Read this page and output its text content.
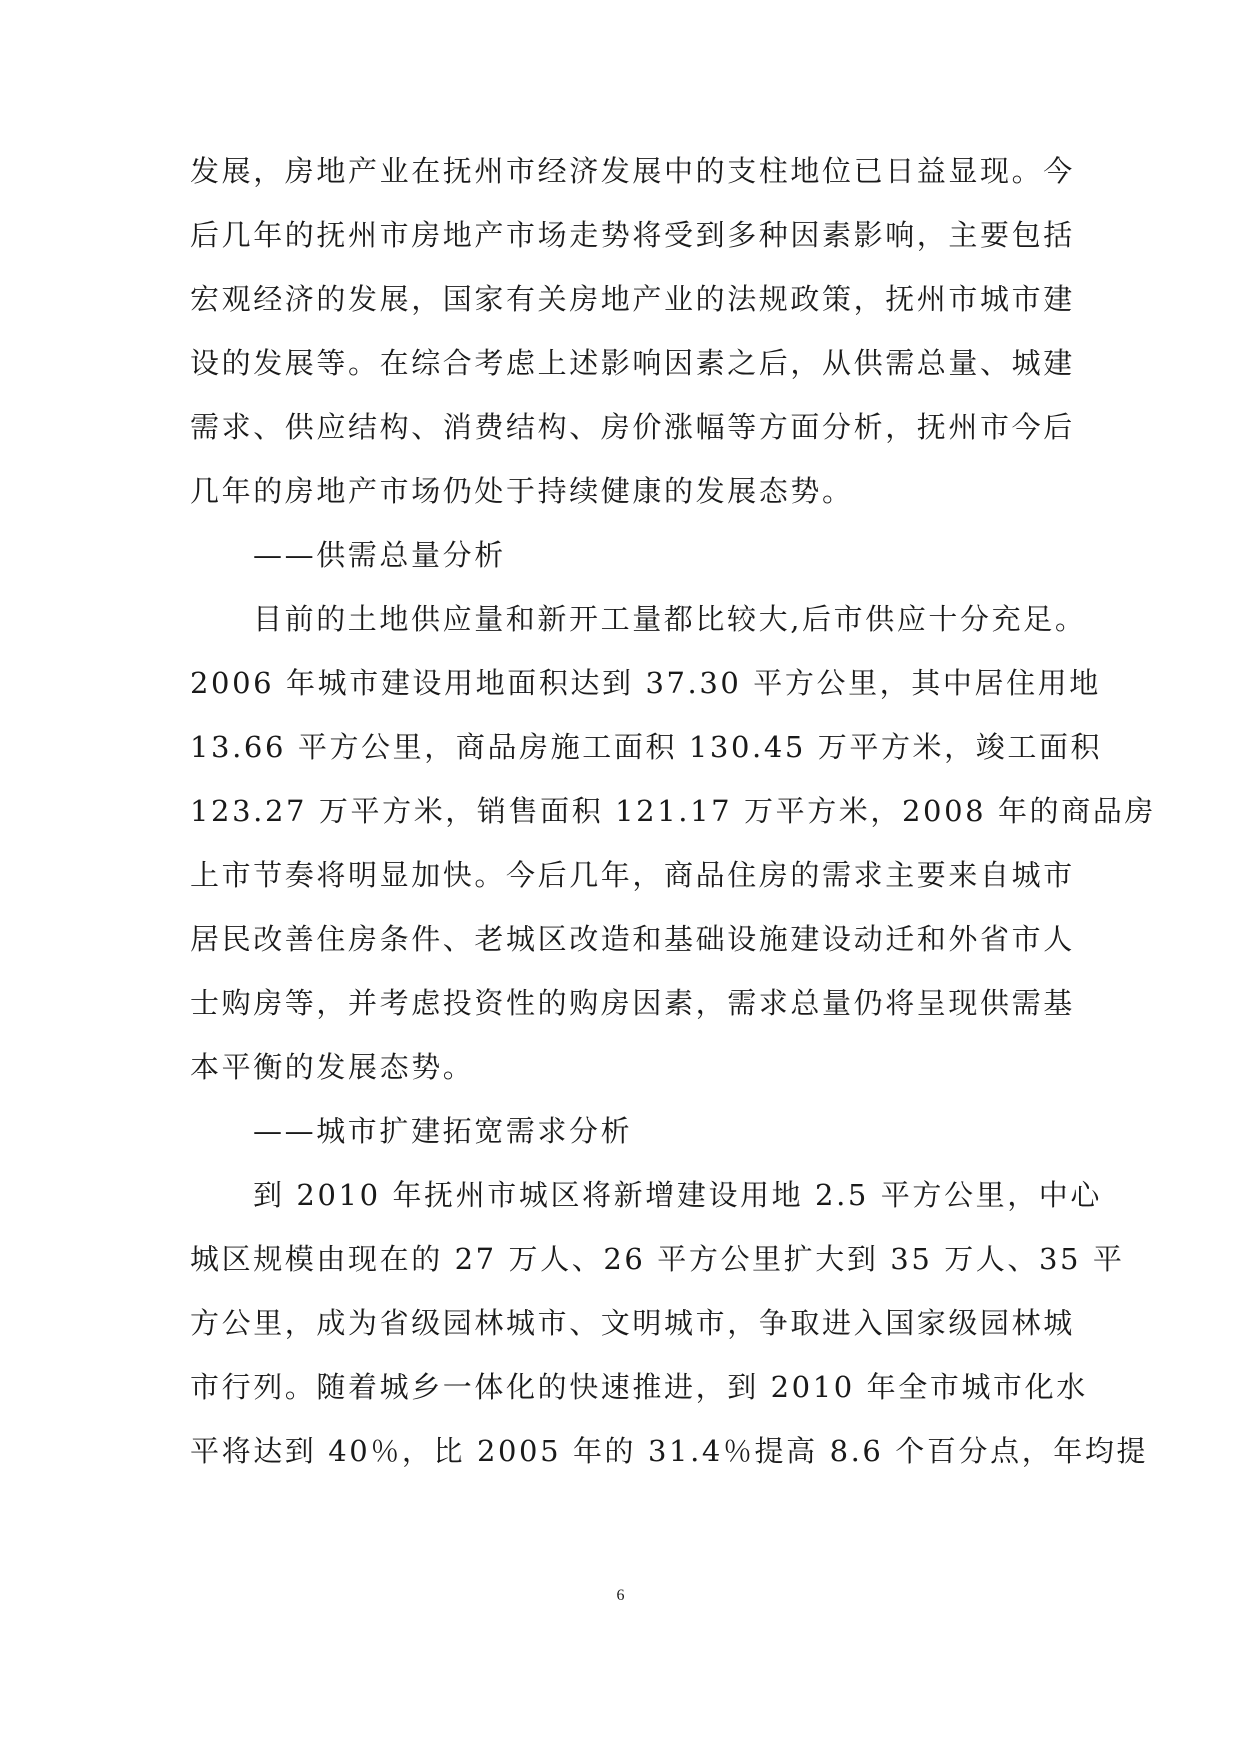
发展，房地产业在抚州市经济发展中的支柱地位已日益显现。今
后几年的抚州市房地产市场走势将受到多种因素影响，主要包括
宏观经济的发展，国家有关房地产业的法规政策，抚州市城市建
设的发展等。在综合考虑上述影响因素之后，从供需总量、城建
需求、供应结构、消费结构、房价涨幅等方面分析，抚州市今后
几年的房地产市场仍处于持续健康的发展态势。
——供需总量分析
目前的土地供应量和新开工量都比较大,后市供应十分充足。
2006 年城市建设用地面积达到 37.30 平方公里，其中居住用地
13.66 平方公里，商品房施工面积 130.45 万平方米，竣工面积
123.27 万平方米，销售面积 121.17 万平方米，2008 年的商品房
上市节奏将明显加快。今后几年，商品住房的需求主要来自城市
居民改善住房条件、老城区改造和基础设施建设动迁和外省市人
士购房等，并考虑投资性的购房因素，需求总量仍将呈现供需基
本平衡的发展态势。
——城市扩建拓宽需求分析
到 2010 年抚州市城区将新增建设用地 2.5 平方公里，中心
城区规模由现在的 27 万人、26 平方公里扩大到 35 万人、35 平
方公里，成为省级园林城市、文明城市，争取进入国家级园林城
市行列。随着城乡一体化的快速推进，到 2010 年全市城市化水
平将达到 40％，比 2005 年的 31.4％提高 8.6 个百分点，年均提
6
